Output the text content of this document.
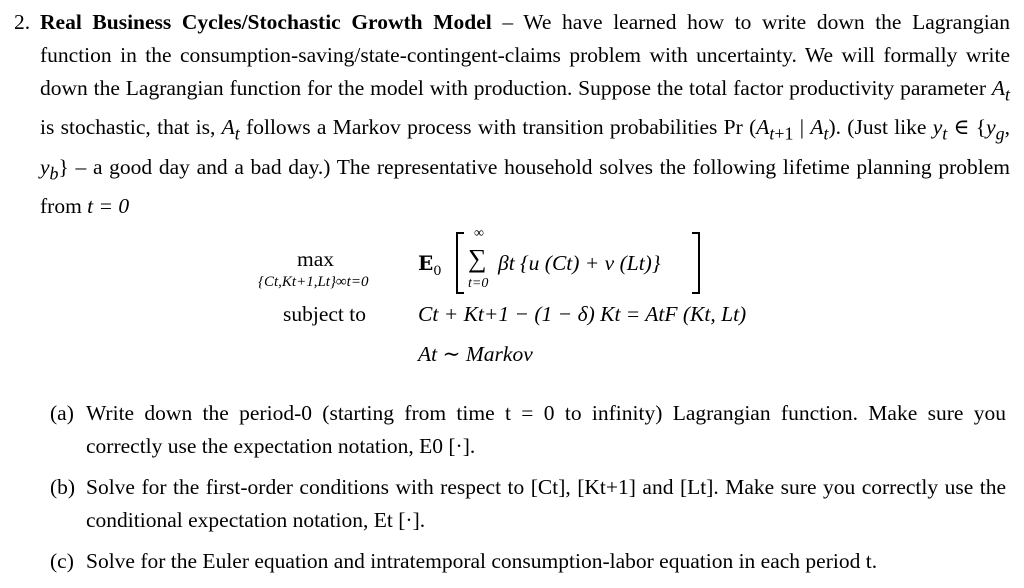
2. Real Business Cycles/Stochastic Growth Model – We have learned how to write down the Lagrangian function in the consumption-saving/state-contingent-claims problem with uncertainty. We will formally write down the Lagrangian function for the model with production. Suppose the total factor productivity parameter $A_t$ is stochastic, that is, $A_t$ follows a Markov process with transition probabilities Pr ($A_{t+1}$ | $A_t$). (Just like $y_t$ ∈ {$y_g$, $y_b$} – a good day and a bad day.) The representative household solves the following lifetime planning problem from t = 0
max
{Ct,Kt+1,Lt}∞t=0
subject to
$E_0$
∞
∑
t=0
βt {u (Ct) + v (Lt)}
Ct + Kt+1 − (1 − δ) Kt = AtF (Kt, Lt)
At ∼ Markov
(a) Write down the period-0 (starting from time t = 0 to infinity) Lagrangian function. Make sure you correctly use the expectation notation, E0 [·].
(b) Solve for the first-order conditions with respect to [Ct], [Kt+1] and [Lt]. Make sure you correctly use the conditional expectation notation, Et [·].
(c) Solve for the Euler equation and intratemporal consumption-labor equation in each period t.
